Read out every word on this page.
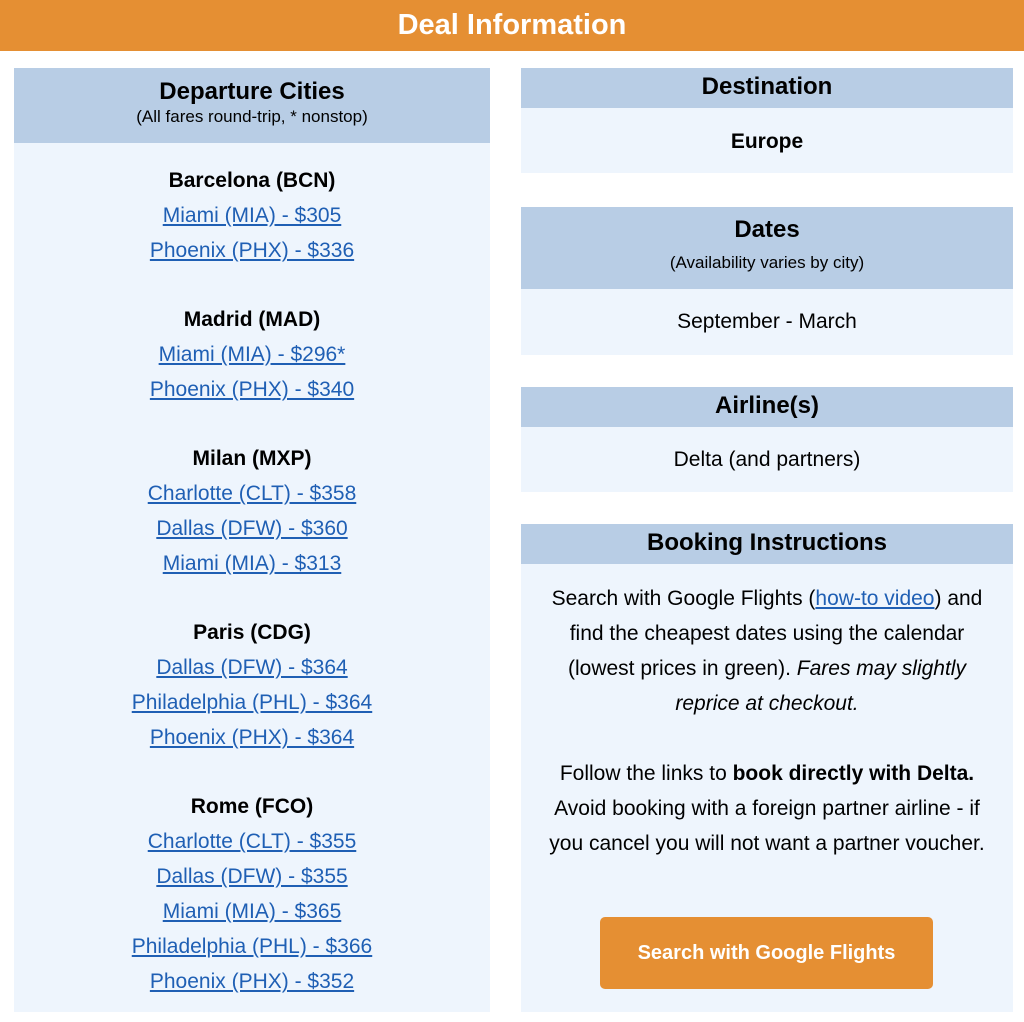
Deal Information
Departure Cities
(All fares round-trip, * nonstop)
Barcelona (BCN)
Miami (MIA) - $305
Phoenix (PHX) - $336
Madrid (MAD)
Miami (MIA) - $296*
Phoenix (PHX) - $340
Milan (MXP)
Charlotte (CLT) - $358
Dallas (DFW) - $360
Miami (MIA) - $313
Paris (CDG)
Dallas (DFW) - $364
Philadelphia (PHL) - $364
Phoenix (PHX) - $364
Rome (FCO)
Charlotte (CLT) - $355
Dallas (DFW) - $355
Miami (MIA) - $365
Philadelphia (PHL) - $366
Phoenix (PHX) - $352
Destination
Europe
Dates
(Availability varies by city)
September - March
Airline(s)
Delta (and partners)
Booking Instructions

Search with Google Flights (how-to video) and find the cheapest dates using the calendar (lowest prices in green). Fares may slightly reprice at checkout.

Follow the links to book directly with Delta. Avoid booking with a foreign partner airline - if you cancel you will not want a partner voucher.

Search with Google Flights
